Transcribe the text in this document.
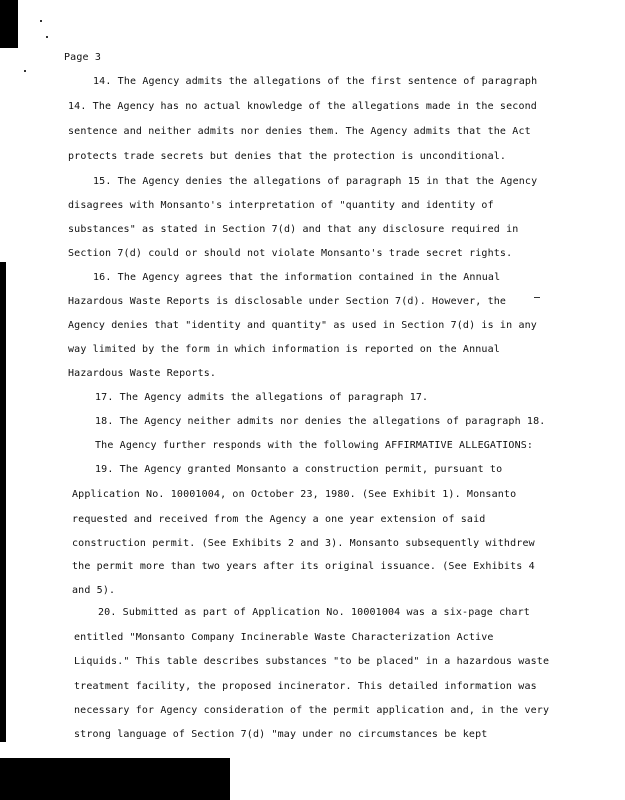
Page 3
14. The Agency admits the allegations of the first sentence of paragraph
14. The Agency has no actual knowledge of the allegations made in the second
sentence and neither admits nor denies them. The Agency admits that the Act
protects trade secrets but denies that the protection is unconditional.
15. The Agency denies the allegations of paragraph 15 in that the Agency
disagrees with Monsanto's interpretation of "quantity and identity of
substances" as stated in Section 7(d) and that any disclosure required in
Section 7(d) could or should not violate Monsanto's trade secret rights.
16. The Agency agrees that the information contained in the Annual
Hazardous Waste Reports is disclosable under Section 7(d). However, the
Agency denies that "identity and quantity" as used in Section 7(d) is in any
way limited by the form in which information is reported on the Annual
Hazardous Waste Reports.
17. The Agency admits the allegations of paragraph 17.
18. The Agency neither admits nor denies the allegations of paragraph 18.
The Agency further responds with the following AFFIRMATIVE ALLEGATIONS:
19. The Agency granted Monsanto a construction permit, pursuant to
Application No. 10001004, on October 23, 1980. (See Exhibit 1). Monsanto
requested and received from the Agency a one year extension of said
construction permit. (See Exhibits 2 and 3). Monsanto subsequently withdrew
the permit more than two years after its original issuance. (See Exhibits 4
and 5).
20. Submitted as part of Application No. 10001004 was a six-page chart
entitled "Monsanto Company Incinerable Waste Characterization Active
Liquids." This table describes substances "to be placed" in a hazardous waste
treatment facility, the proposed incinerator. This detailed information was
necessary for Agency consideration of the permit application and, in the very
strong language of Section 7(d) "may under no circumstances be kept
